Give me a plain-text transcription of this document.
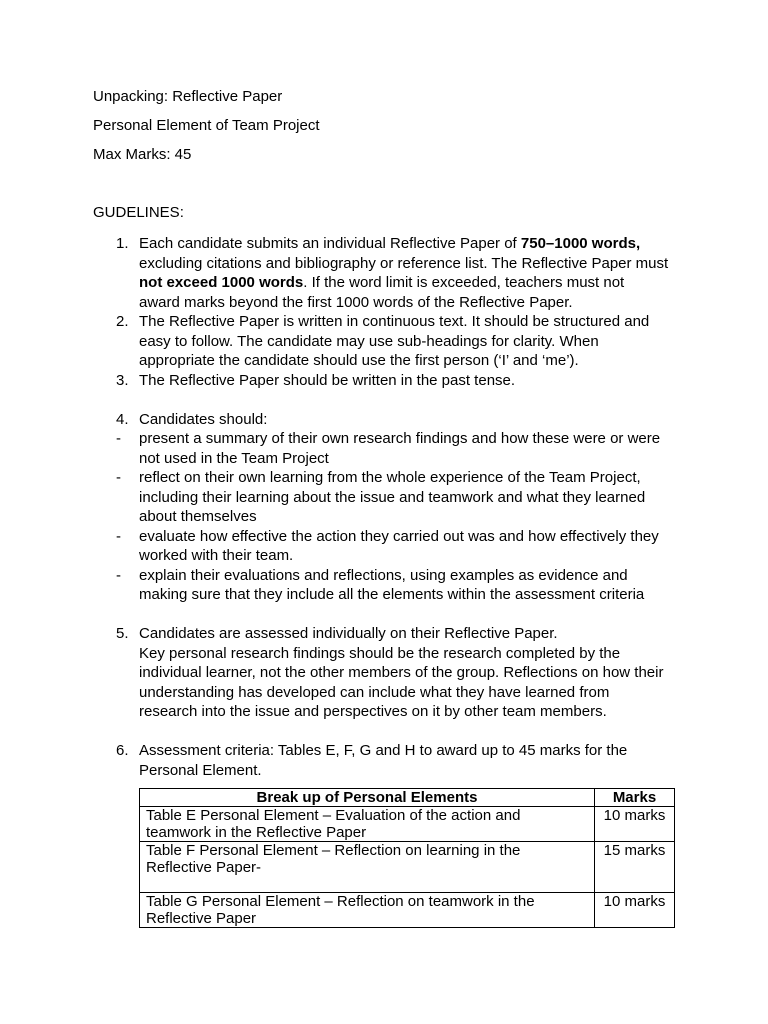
Unpacking: Reflective Paper
Personal Element of Team Project
Max Marks: 45
GUDELINES:
1. Each candidate submits an individual Reflective Paper of 750–1000 words, excluding citations and bibliography or reference list. The Reflective Paper must not exceed 1000 words. If the word limit is exceeded, teachers must not award marks beyond the first 1000 words of the Reflective Paper.
2. The Reflective Paper is written in continuous text. It should be structured and easy to follow. The candidate may use sub-headings for clarity. When appropriate the candidate should use the first person (‘I’ and ‘me’).
3. The Reflective Paper should be written in the past tense.
4. Candidates should:
- present a summary of their own research findings and how these were or were not used in the Team Project
- reflect on their own learning from the whole experience of the Team Project, including their learning about the issue and teamwork and what they learned about themselves
- evaluate how effective the action they carried out was and how effectively they worked with their team.
- explain their evaluations and reflections, using examples as evidence and making sure that they include all the elements within the assessment criteria
5. Candidates are assessed individually on their Reflective Paper.
Key personal research findings should be the research completed by the individual learner, not the other members of the group. Reflections on how their understanding has developed can include what they have learned from research into the issue and perspectives on it by other team members.
6. Assessment criteria: Tables E, F, G and H to award up to 45 marks for the Personal Element.
Break up of Personal Elements	Marks
Table E Personal Element – Evaluation of the action and teamwork in the Reflective Paper	10 marks
Table F Personal Element – Reflection on learning in the Reflective Paper-	15 marks
Table G Personal Element – Reflection on teamwork in the Reflective Paper	10 marks
